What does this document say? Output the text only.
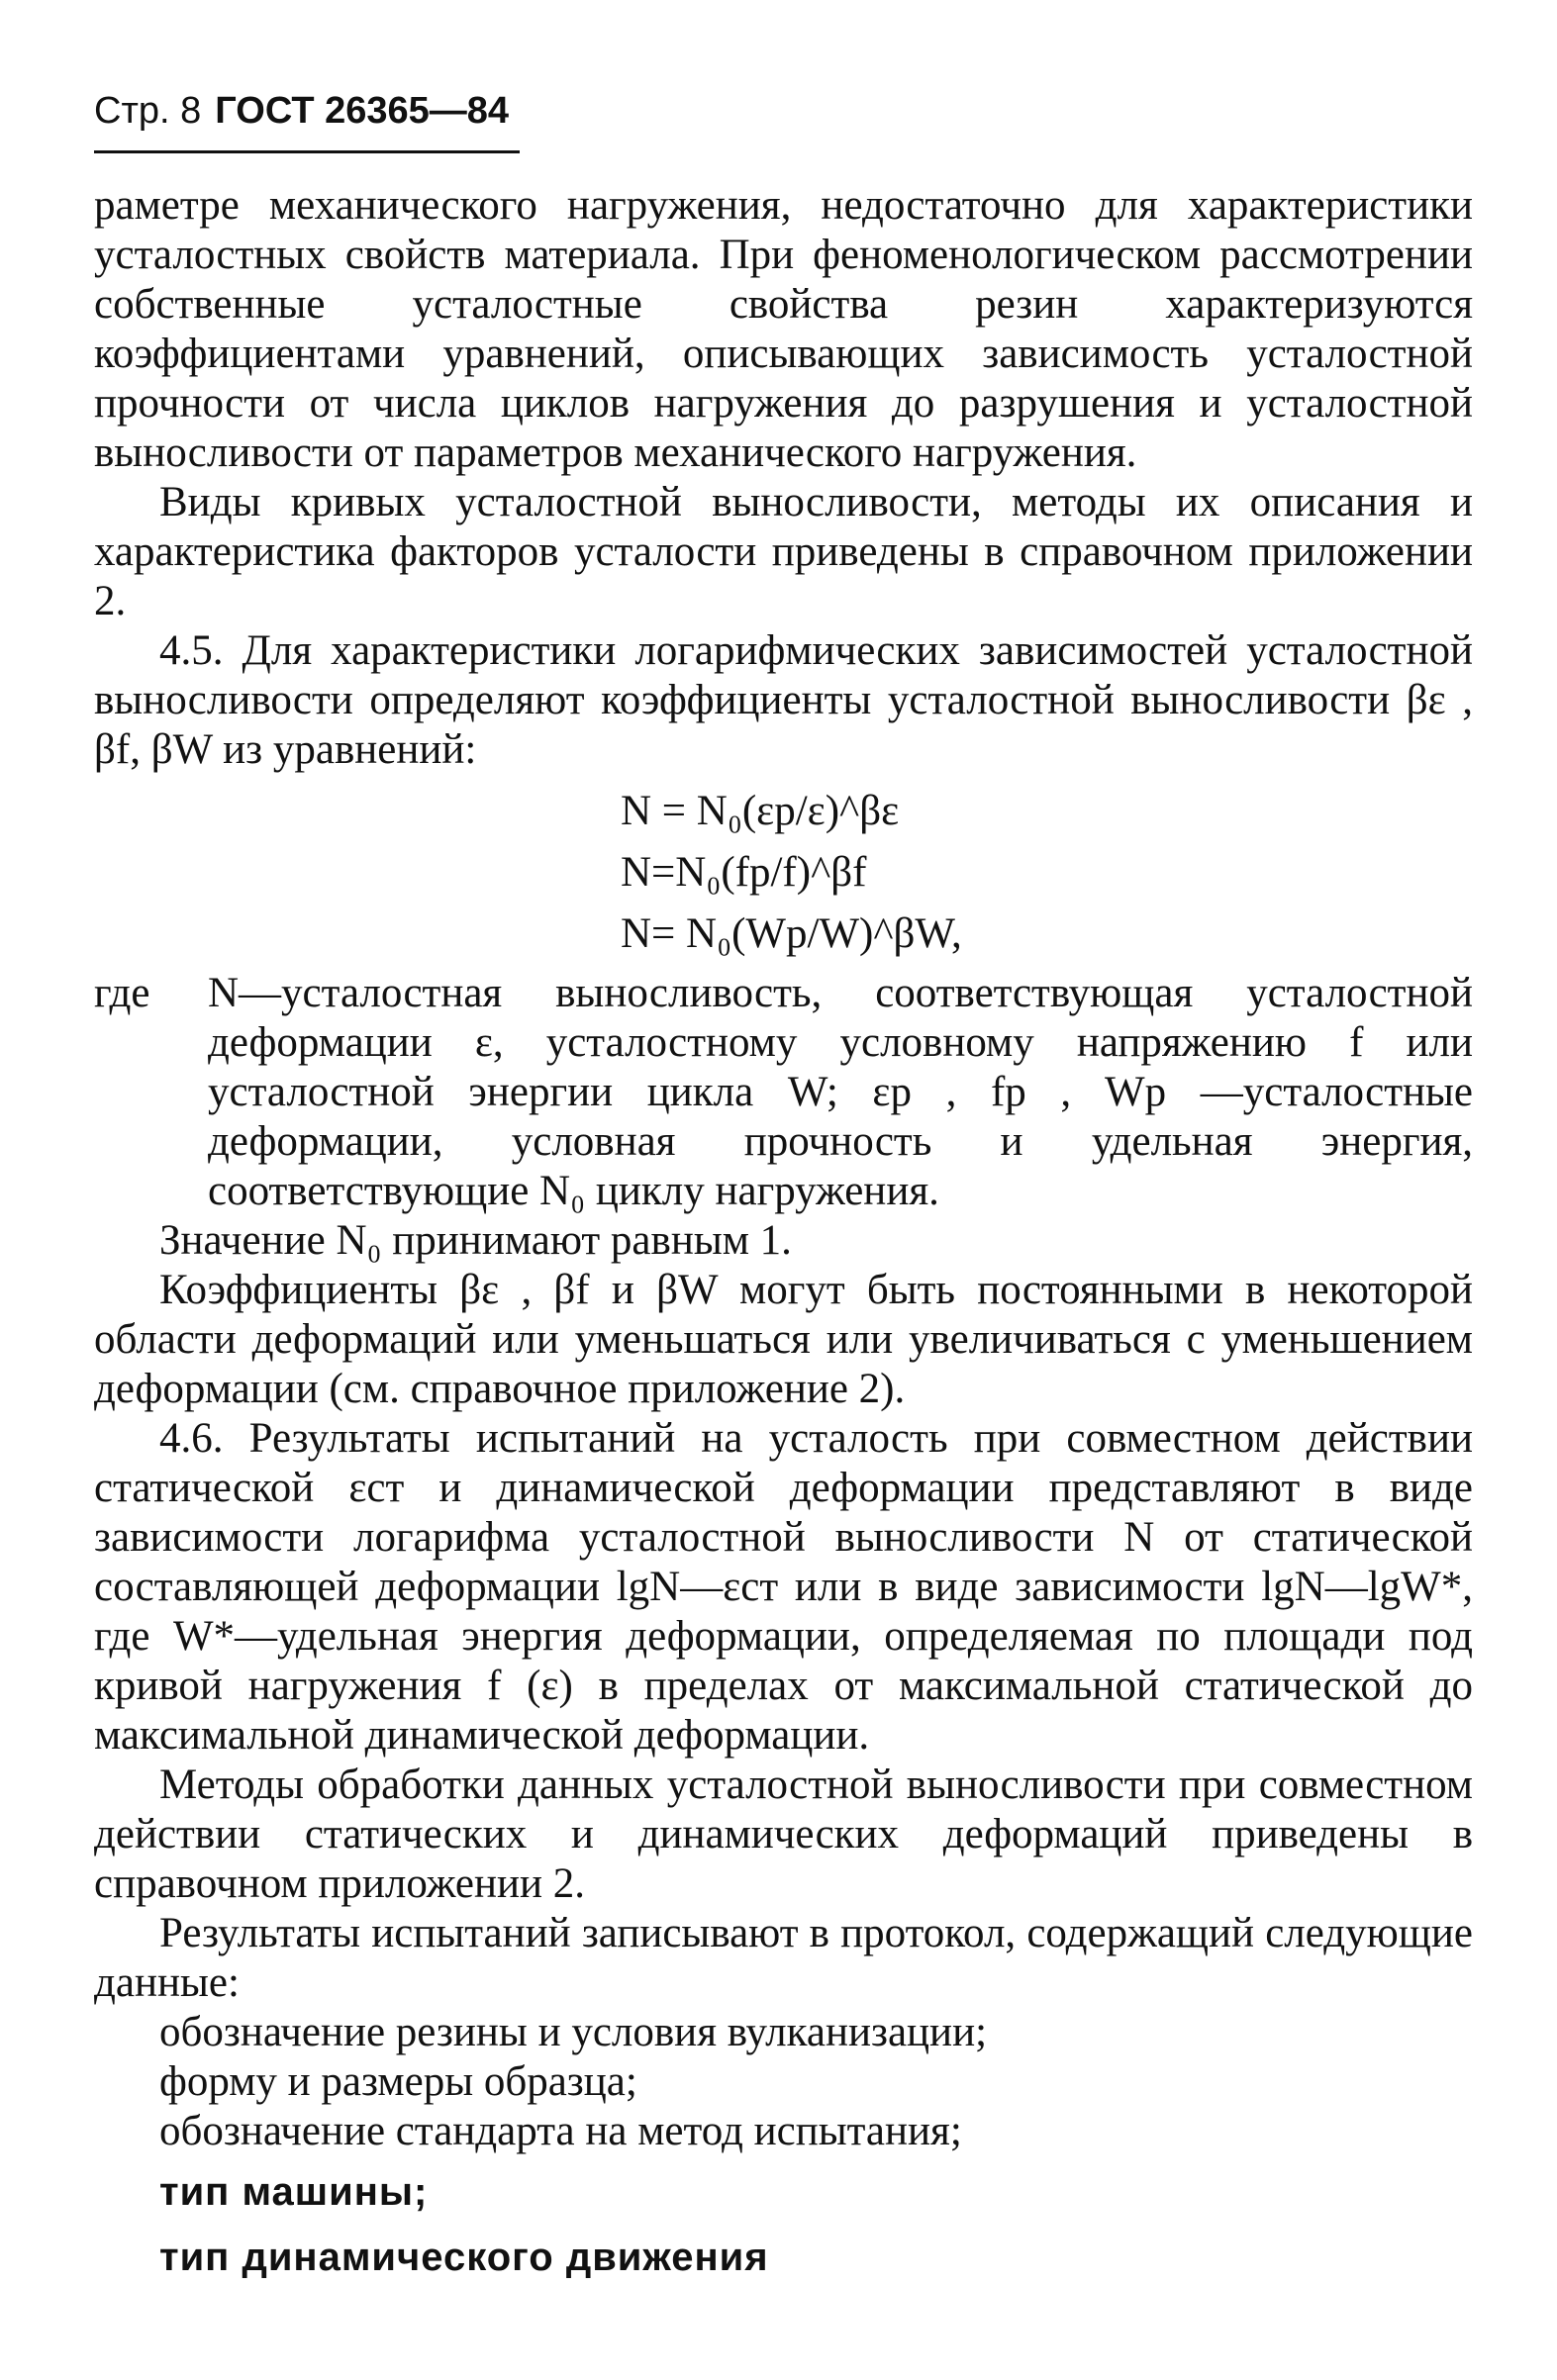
Стр. 8 ГОСТ 26365—84

раметре механического нагружения, недостаточно для характеристики усталостных свойств материала. При феноменологическом рассмотрении собственные усталостные свойства резин характеризуются коэффициентами уравнений, описывающих зависимость усталостной прочности от числа циклов нагружения до разрушения и усталостной выносливости от параметров механического нагружения.

Виды кривых усталостной выносливости, методы их описания и характеристика факторов усталости приведены в справочном приложении 2.

4.5. Для характеристики логарифмических зависимостей усталостной выносливости определяют коэффициенты усталостной выносливости βε , βf, βW из уравнений:

N = N₀(εp/ε)^βε
N=N₀(fp/f)^βf
N= N₀(Wp/W)^βW,
где	N—усталостная выносливость, соответствующая усталостной деформации ε, усталостному условному напряжению f или усталостной энергии цикла W; εp , fp , Wp —усталостные деформации, условная прочность и удельная энергия, соответствующие N₀ циклу нагружения.

Значение N₀ принимают равным 1.

Коэффициенты βε , βf и βW могут быть постоянными в некоторой области деформаций или уменьшаться или увеличиваться с уменьшением деформации (см. справочное приложение 2).

4.6. Результаты испытаний на усталость при совместном действии статической εст и динамической деформации представляют в виде зависимости логарифма усталостной выносливости N от статической составляющей деформации lgN—εст или в виде зависимости lgN—lgW*, где W*—удельная энергия деформации, определяемая по площади под кривой нагружения f (ε) в пределах от максимальной статической до максимальной динамической деформации.

Методы обработки данных усталостной выносливости при совместном действии статических и динамических деформаций приведены в справочном приложении 2.

Результаты испытаний записывают в протокол, содержащий следующие данные:

обозначение резины и условия вулканизации;

форму и размеры образца;

обозначение стандарта на метод испытания;

тип машины;

тип динамического движения
